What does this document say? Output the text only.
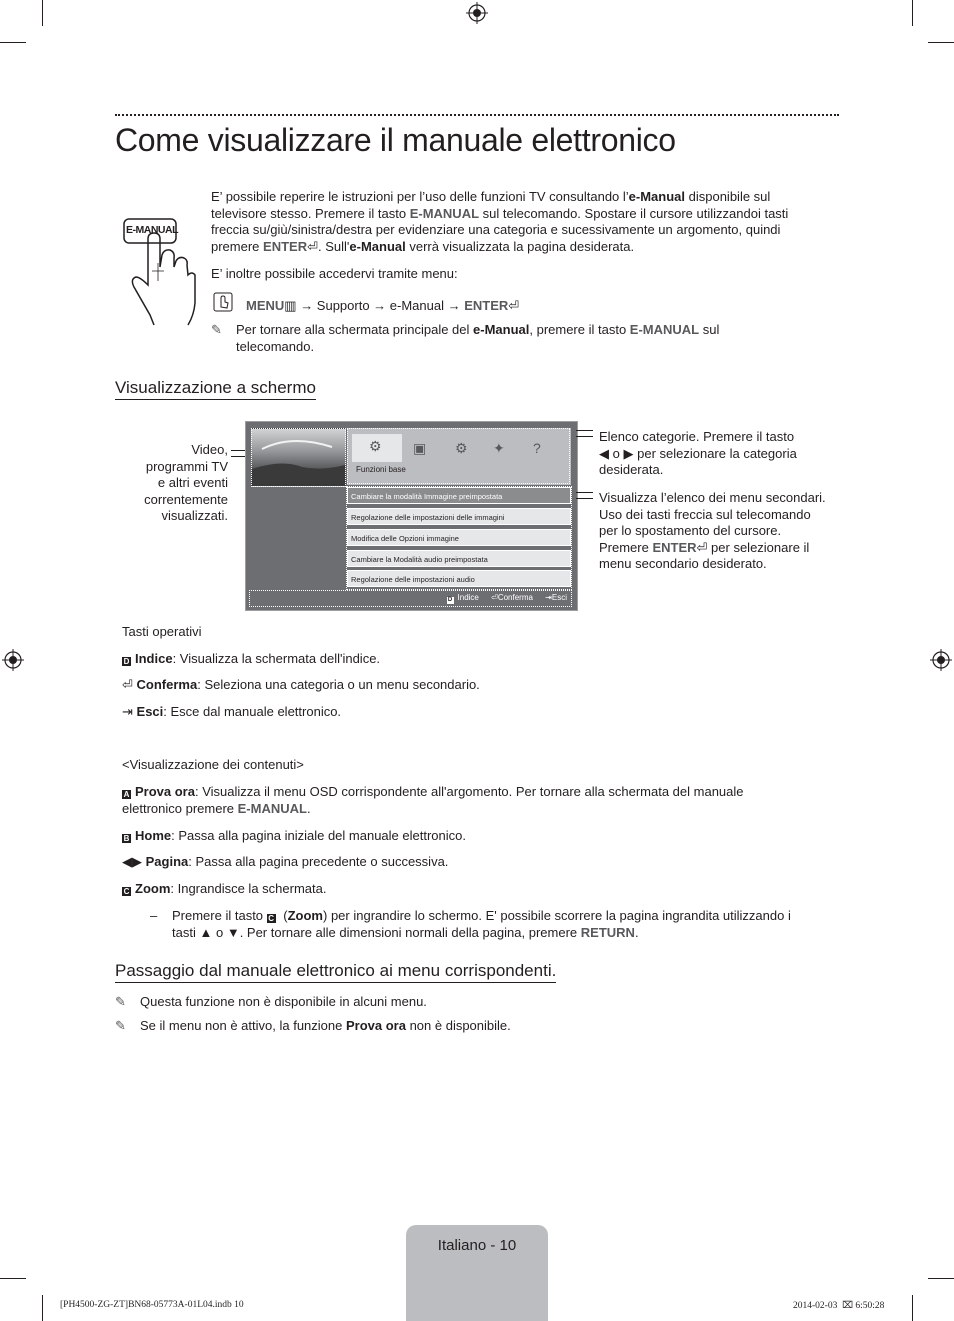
Come visualizzare il manuale elettronico
E-MANUAL
E’ possibile reperire le istruzioni per l’uso delle funzioni TV consultando l’e-Manual disponibile sul
televisore stesso. Premere il tasto E-MANUAL sul telecomando. Spostare il cursore utilizzandoi tasti
freccia su/giù/sinistra/destra per evidenziare una categoria e sucessivamente un argomento, quindi
premere ENTER⏎. Sull'e-Manual verrà visualizzata la pagina desiderata.
E’ inoltre possibile accedervi tramite menu:
MENU▥ → Supporto → e-Manual → ENTER⏎
✎ Per tornare alla schermata principale del e-Manual, premere il tasto E-MANUAL sul
telecomando.
Visualizzazione a schermo
Video,
programmi TV
e altri eventi
correntemente
visualizzati.
⚙ ▣ ⚙ ✦ ?
Funzioni base
Cambiare la modalità Immagine preimpostata
Regolazione delle impostazioni delle immagini
Modifica delle Opzioni immagine
Cambiare la Modalità audio preimpostata
Regolazione delle impostazioni audio
D Indice ⏎Conferma ⇥Esci
Elenco categorie. Premere il tasto
◀ o ▶ per selezionare la categoria
desiderata.
Visualizza l’elenco dei menu secondari.
Uso dei tasti freccia sul telecomando
per lo spostamento del cursore.
Premere ENTER⏎ per selezionare il
menu secondario desiderato.
Tasti operativi
D Indice: Visualizza la schermata dell'indice.
⏎ Conferma: Seleziona una categoria o un menu secondario.
⇥ Esci: Esce dal manuale elettronico.
<Visualizzazione dei contenuti>
A Prova ora: Visualizza il menu OSD corrispondente all'argomento. Per tornare alla schermata del manuale
elettronico premere E-MANUAL.
B Home: Passa alla pagina iniziale del manuale elettronico.
◀▶ Pagina: Passa alla pagina precedente o successiva.
C Zoom: Ingrandisce la schermata.
– Premere il tasto C (Zoom) per ingrandire lo schermo. E' possibile scorrere la pagina ingrandita utilizzando i
tasti ▲ o ▼. Per tornare alle dimensioni normali della pagina, premere RETURN.
Passaggio dal manuale elettronico ai menu corrispondenti.
✎ Questa funzione non è disponibile in alcuni menu.
✎ Se il menu non è attivo, la funzione Prova ora non è disponibile.
Italiano - 10
[PH4500-ZG-ZT]BN68-05773A-01L04.indb 10	2014-02-03 ⌧ 6:50:28
